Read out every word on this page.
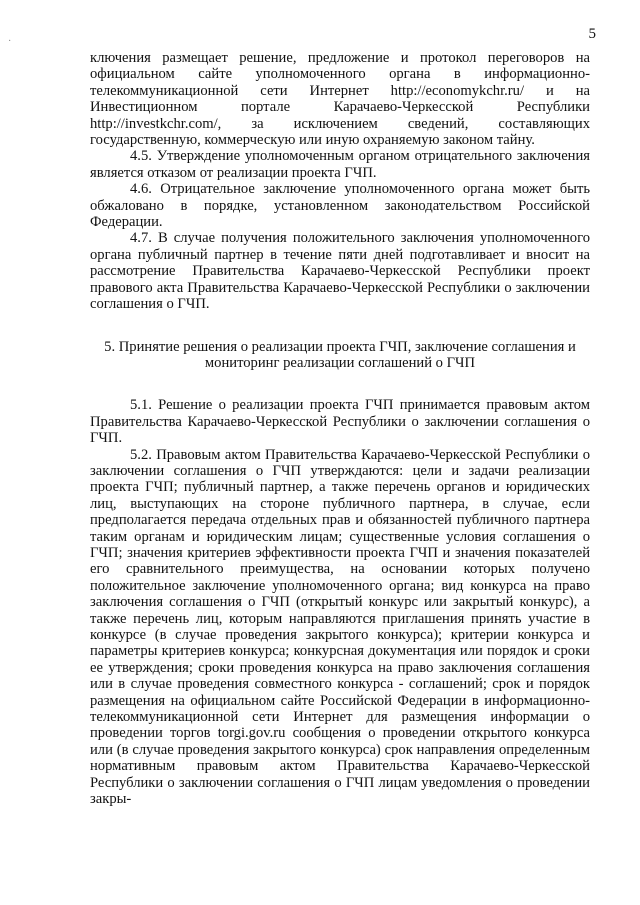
·	5

ключения размещает решение, предложение и протокол переговоров на официальном сайте уполномоченного органа в информационно-телекоммуникационной сети Интернет http://economykchr.ru/ и на Инвестиционном портале Карачаево-Черкесской Республики http://investkchr.com/, за исключением сведений, составляющих государственную, коммерческую или иную охраняемую законом тайну.

4.5. Утверждение уполномоченным органом отрицательного заключения является отказом от реализации проекта ГЧП.

4.6. Отрицательное заключение уполномоченного органа может быть обжаловано в порядке, установленном законодательством Российской Федерации.

4.7. В случае получения положительного заключения уполномоченного органа публичный партнер в течение пяти дней подготавливает и вносит на рассмотрение Правительства Карачаево-Черкесской Республики проект правового акта Правительства Карачаево-Черкесской Республики о заключении соглашения о ГЧП.

5. Принятие решения о реализации проекта ГЧП, заключение соглашения и мониторинг реализации соглашений о ГЧП

5.1. Решение о реализации проекта ГЧП принимается правовым актом Правительства Карачаево-Черкесской Республики о заключении соглашения о ГЧП.

5.2. Правовым актом Правительства Карачаево-Черкесской Республики о заключении соглашения о ГЧП утверждаются: цели и задачи реализации проекта ГЧП; публичный партнер, а также перечень органов и юридических лиц, выступающих на стороне публичного партнера, в случае, если предполагается передача отдельных прав и обязанностей публичного партнера таким органам и юридическим лицам; существенные условия соглашения о ГЧП; значения критериев эффективности проекта ГЧП и значения показателей его сравнительного преимущества, на основании которых получено положительное заключение уполномоченного органа; вид конкурса на право заключения соглашения о ГЧП (открытый конкурс или закрытый конкурс), а также перечень лиц, которым направляются приглашения принять участие в конкурсе (в случае проведения закрытого конкурса); критерии конкурса и параметры критериев конкурса; конкурсная документация или порядок и сроки ее утверждения; сроки проведения конкурса на право заключения соглашения или в случае проведения совместного конкурса - соглашений; срок и порядок размещения на официальном сайте Российской Федерации в информационно-телекоммуникационной сети Интернет для размещения информации о проведении торгов torgi.gov.ru сообщения о проведении открытого конкурса или (в случае проведения закрытого конкурса) срок направления определенным нормативным правовым актом Правительства Карачаево-Черкесской Республики о заключении соглашения о ГЧП лицам уведомления о проведении закры-
